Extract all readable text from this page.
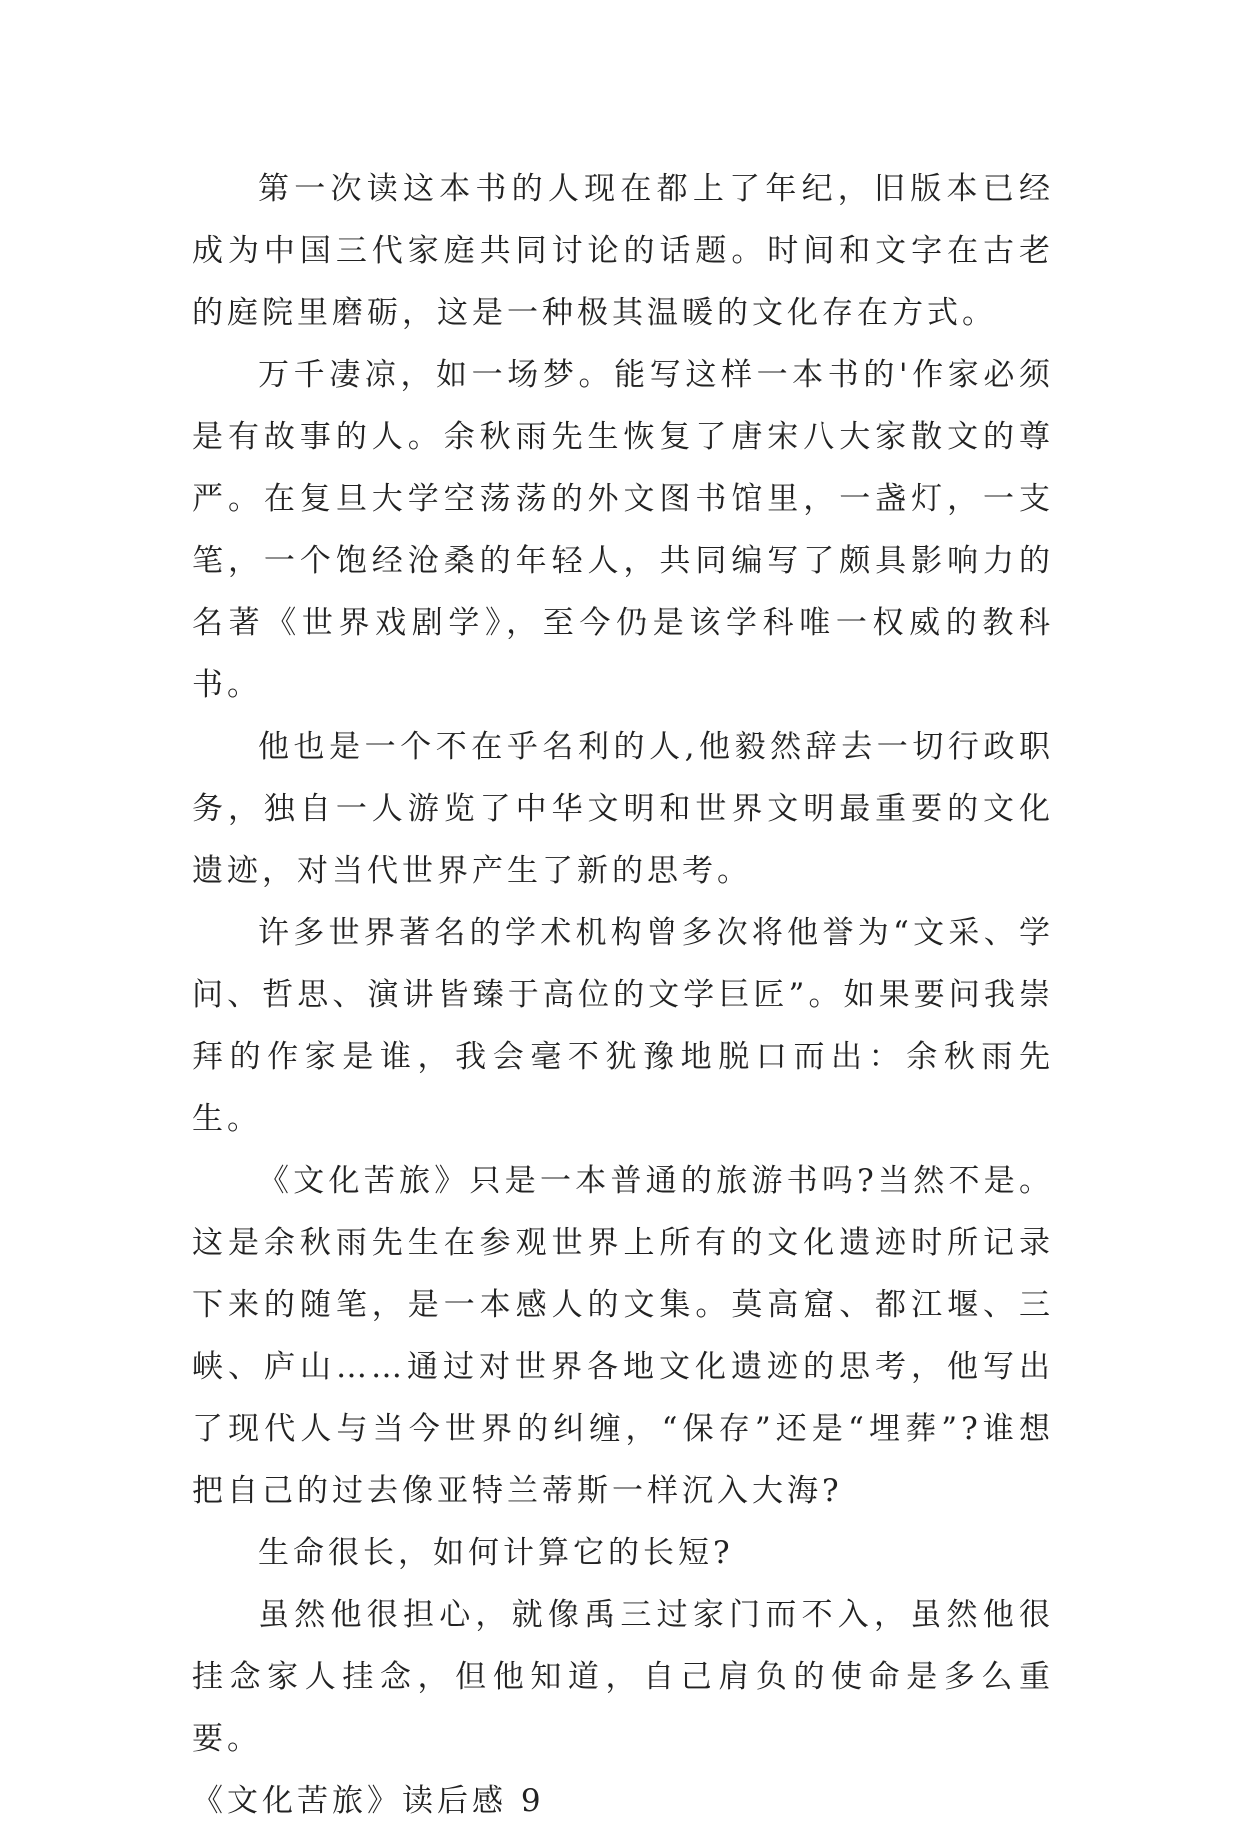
第一次读这本书的人现在都上了年纪，旧版本已经成为中国三代家庭共同讨论的话题。时间和文字在古老的庭院里磨砺，这是一种极其温暖的文化存在方式。

万千凄凉，如一场梦。能写这样一本书的'作家必须是有故事的人。余秋雨先生恢复了唐宋八大家散文的尊严。在复旦大学空荡荡的外文图书馆里，一盏灯，一支笔，一个饱经沧桑的年轻人，共同编写了颇具影响力的名著《世界戏剧学》，至今仍是该学科唯一权威的教科书。

他也是一个不在乎名利的人,他毅然辞去一切行政职务，独自一人游览了中华文明和世界文明最重要的文化遗迹，对当代世界产生了新的思考。

许多世界著名的学术机构曾多次将他誉为“文采、学问、哲思、演讲皆臻于高位的文学巨匠”。如果要问我崇拜的作家是谁，我会毫不犹豫地脱口而出：余秋雨先生。

《文化苦旅》只是一本普通的旅游书吗?当然不是。这是余秋雨先生在参观世界上所有的文化遗迹时所记录下来的随笔，是一本感人的文集。莫高窟、都江堰、三峡、庐山……通过对世界各地文化遗迹的思考，他写出了现代人与当今世界的纠缠，“保存”还是“埋葬”?谁想把自己的过去像亚特兰蒂斯一样沉入大海?

生命很长，如何计算它的长短?

虽然他很担心，就像禹三过家门而不入，虽然他很挂念家人挂念，但他知道，自己肩负的使命是多么重要。

《文化苦旅》读后感 9
